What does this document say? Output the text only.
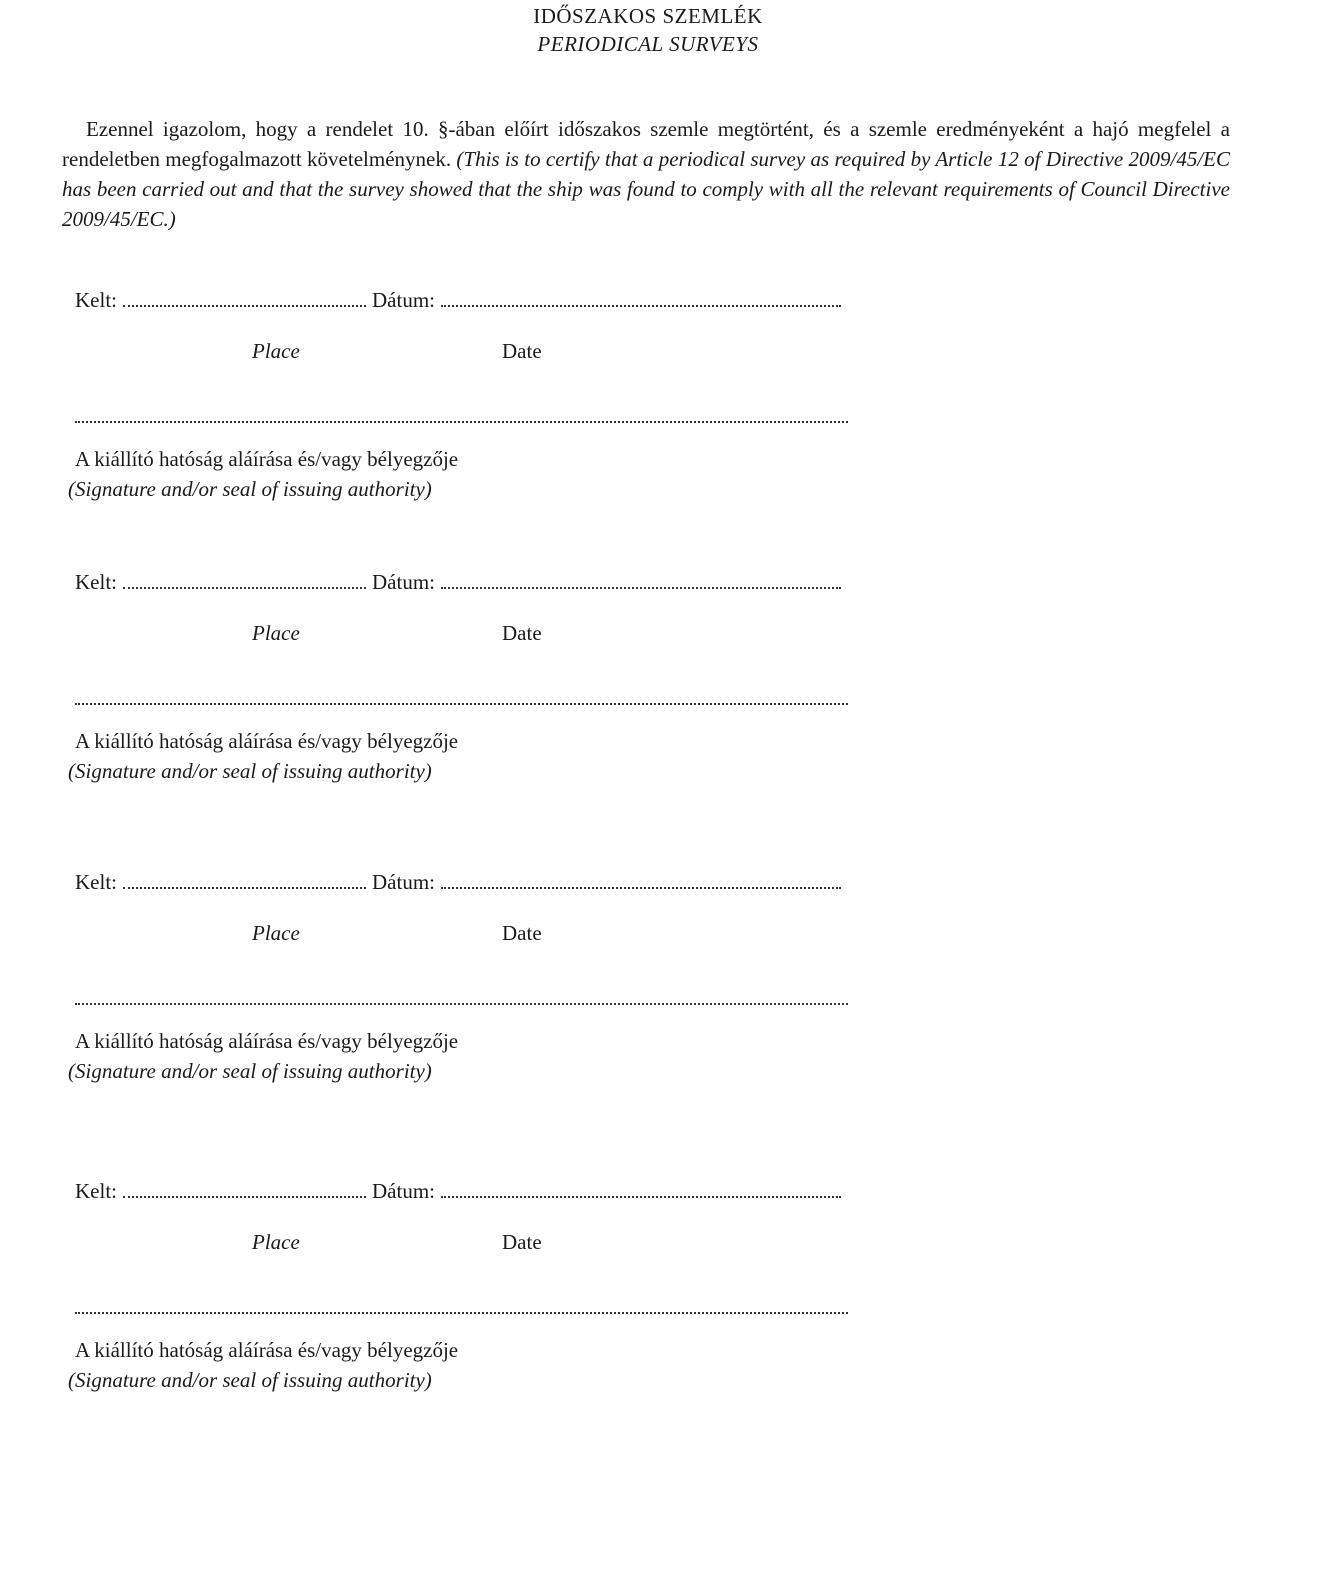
IDŐSZAKOS SZEMLÉK
PERIODICAL SURVEYS
Ezennel igazolom, hogy a rendelet 10. §-ában előírt időszakos szemle megtörtént, és a szemle eredményeként a hajó megfelel a rendeletben megfogalmazott követelménynek. (This is to certify that a periodical survey as required by Article 12 of Directive 2009/45/EC has been carried out and that the survey showed that the ship was found to comply with all the relevant requirements of Council Directive 2009/45/EC.)
Kelt:	Dátum:
Place	Date
A kiállító hatóság aláírása és/vagy bélyegzője
(Signature and/or seal of issuing authority)
Kelt:	Dátum:
Place	Date
A kiállító hatóság aláírása és/vagy bélyegzője
(Signature and/or seal of issuing authority)
Kelt:	Dátum:
Place	Date
A kiállító hatóság aláírása és/vagy bélyegzője
(Signature and/or seal of issuing authority)
Kelt:	Dátum:
Place	Date
A kiállító hatóság aláírása és/vagy bélyegzője
(Signature and/or seal of issuing authority)
